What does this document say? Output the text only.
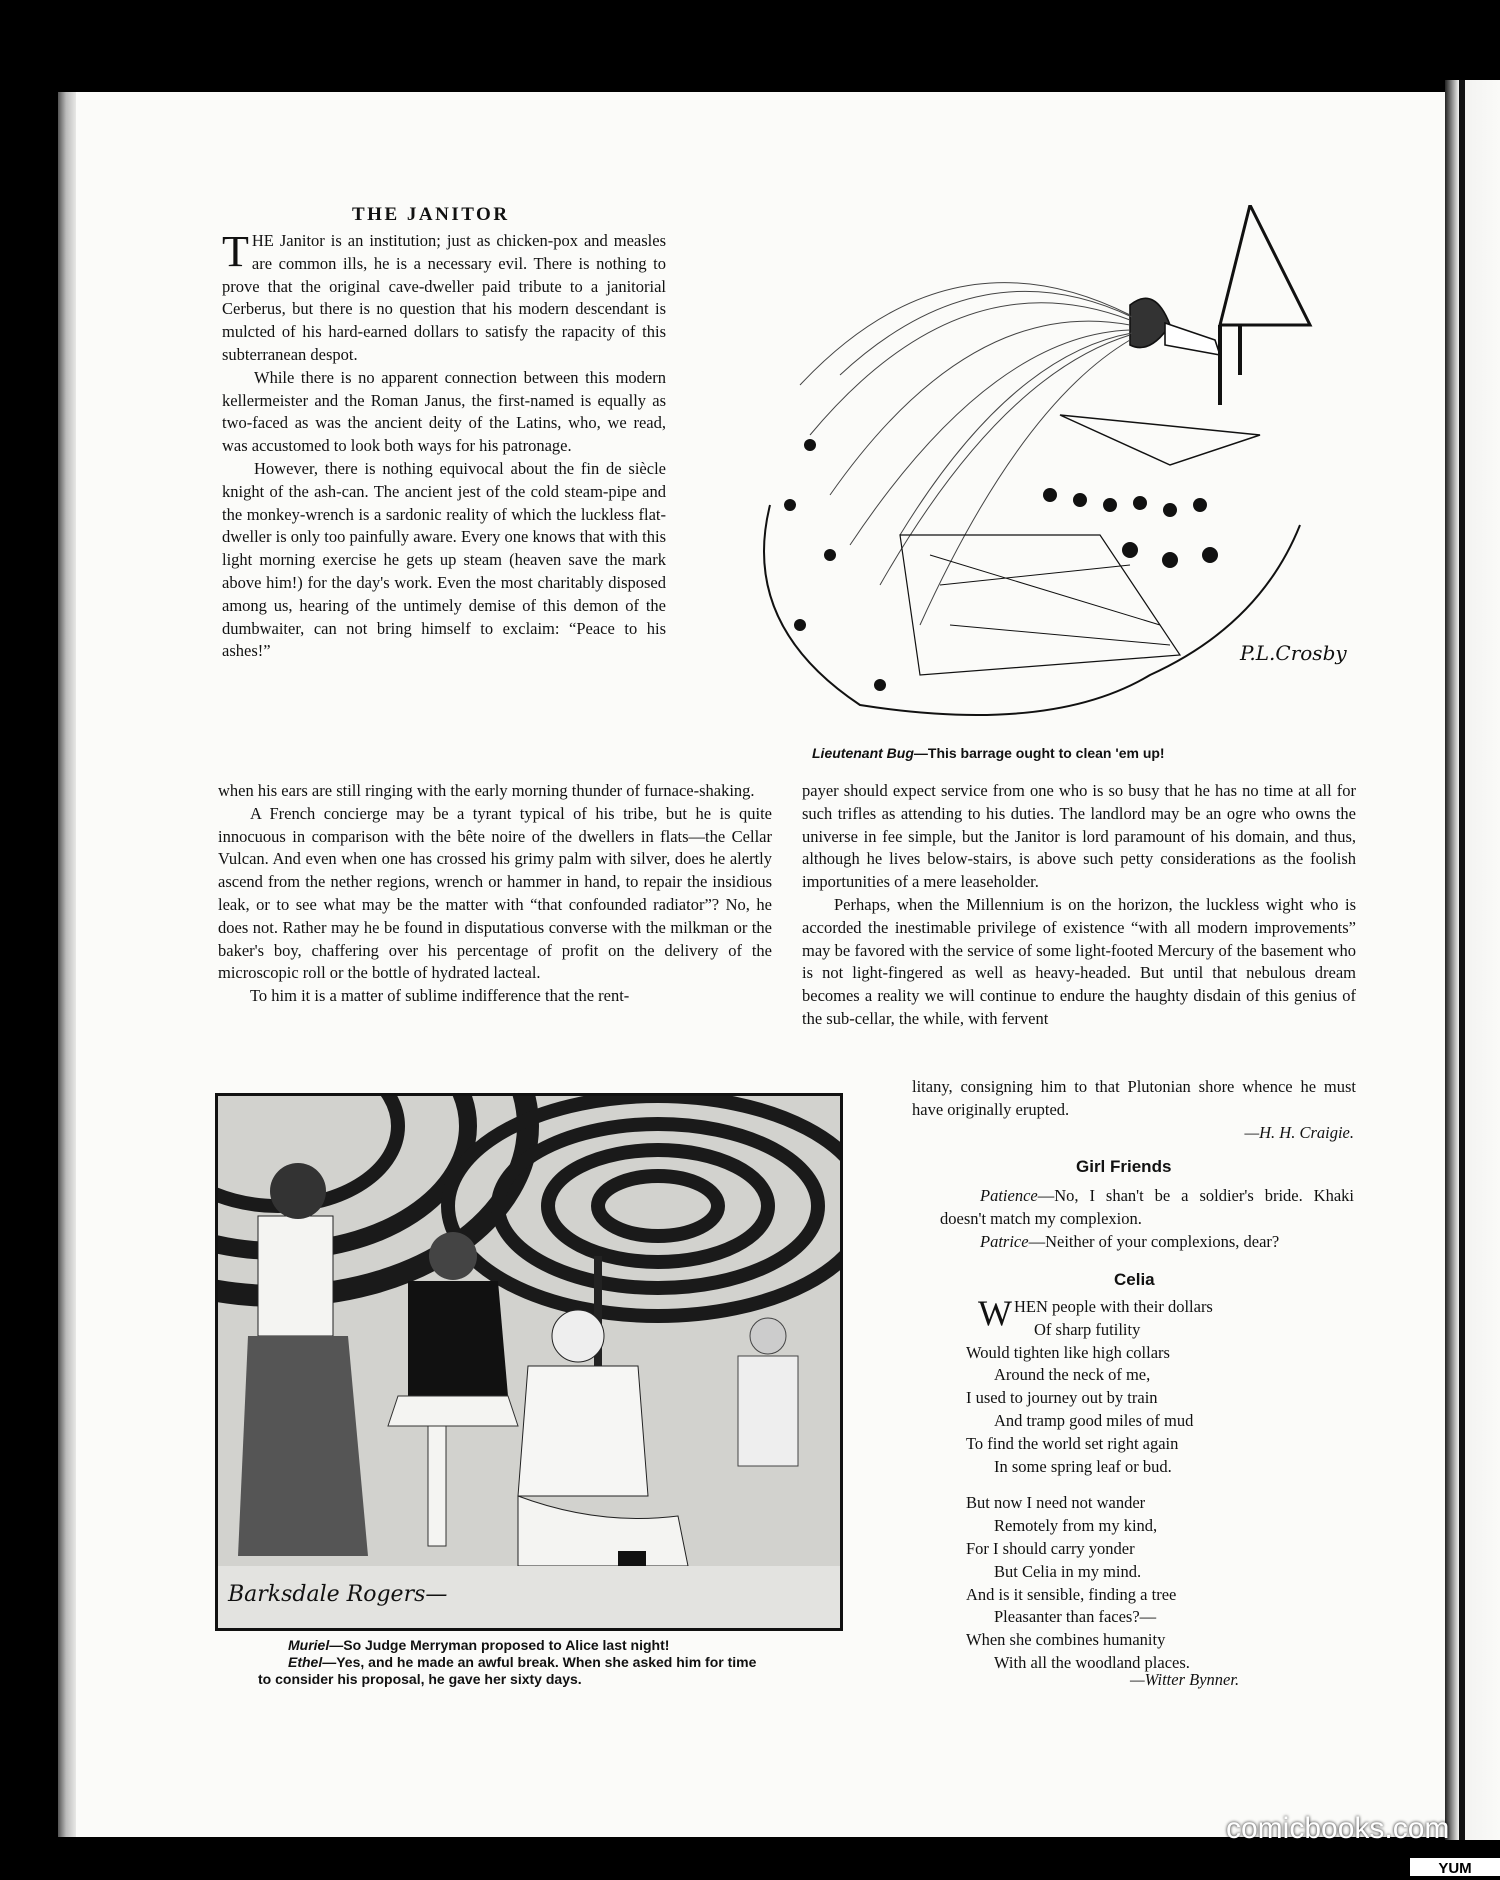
THE JANITOR

THE Janitor is an institution; just as chicken-pox and measles are common ills, he is a necessary evil. There is nothing to prove that the original cave-dweller paid tribute to a janitorial Cerberus, but there is no question that his modern descendant is mulcted of his hard-earned dollars to satisfy the rapacity of this subterranean despot.

While there is no apparent connection between this modern kellermeister and the Roman Janus, the first-named is equally as two-faced as was the ancient deity of the Latins, who, we read, was accustomed to look both ways for his patronage.

However, there is nothing equivocal about the fin de siècle knight of the ash-can. The ancient jest of the cold steam-pipe and the monkey-wrench is a sardonic reality of which the luckless flat-dweller is only too painfully aware. Every one knows that with this light morning exercise he gets up steam (heaven save the mark above him!) for the day's work. Even the most charitably disposed among us, hearing of the untimely demise of this demon of the dumbwaiter, can not bring himself to exclaim: “Peace to his ashes!”

when his ears are still ringing with the early morning thunder of furnace-shaking.

A French concierge may be a tyrant typical of his tribe, but he is quite innocuous in comparison with the bête noire of the dwellers in flats—the Cellar Vulcan. And even when one has crossed his grimy palm with silver, does he alertly ascend from the nether regions, wrench or hammer in hand, to repair the insidious leak, or to see what may be the matter with “that confounded radiator”? No, he does not. Rather may he be found in disputatious converse with the milkman or the baker's boy, chaffering over his percentage of profit on the delivery of the microscopic roll or the bottle of hydrated lacteal.

To him it is a matter of sublime indifference that the rent-

payer should expect service from one who is so busy that he has no time at all for such trifles as attending to his duties. The landlord may be an ogre who owns the universe in fee simple, but the Janitor is lord paramount of his domain, and thus, although he lives below-stairs, is above such petty considerations as the foolish importunities of a mere leaseholder.

Perhaps, when the Millennium is on the horizon, the luckless wight who is accorded the inestimable privilege of existence “with all modern improvements” may be favored with the service of some light-footed Mercury of the basement who is not light-fingered as well as heavy-headed. But until that nebulous dream becomes a reality we will continue to endure the haughty disdain of this genius of the sub-cellar, the while, with fervent

litany, consigning him to that Plutonian shore whence he must have originally erupted.

—H. H. Craigie.
P.L.Crosby
Lieutenant Bug—This barrage ought to clean 'em up!
Barksdale Rogers—
Muriel—So Judge Merryman proposed to Alice last night!
Ethel—Yes, and he made an awful break. When she asked him for time
to consider his proposal, he gave her sixty days.
Girl Friends

Patience—No, I shan't be a soldier's bride. Khaki doesn't match my complexion.

Patrice—Neither of your complexions, dear?

Celia
WHEN people with their dollars
Of sharp futility
Would tighten like high collars
Around the neck of me,
I used to journey out by train
And tramp good miles of mud
To find the world set right again
In some spring leaf or bud.
But now I need not wander
Remotely from my kind,
For I should carry yonder
But Celia in my mind.
And is it sensible, finding a tree
Pleasanter than faces?—
When she combines humanity
With all the woodland places.
—Witter Bynner.
comicbooks.com
YUM
